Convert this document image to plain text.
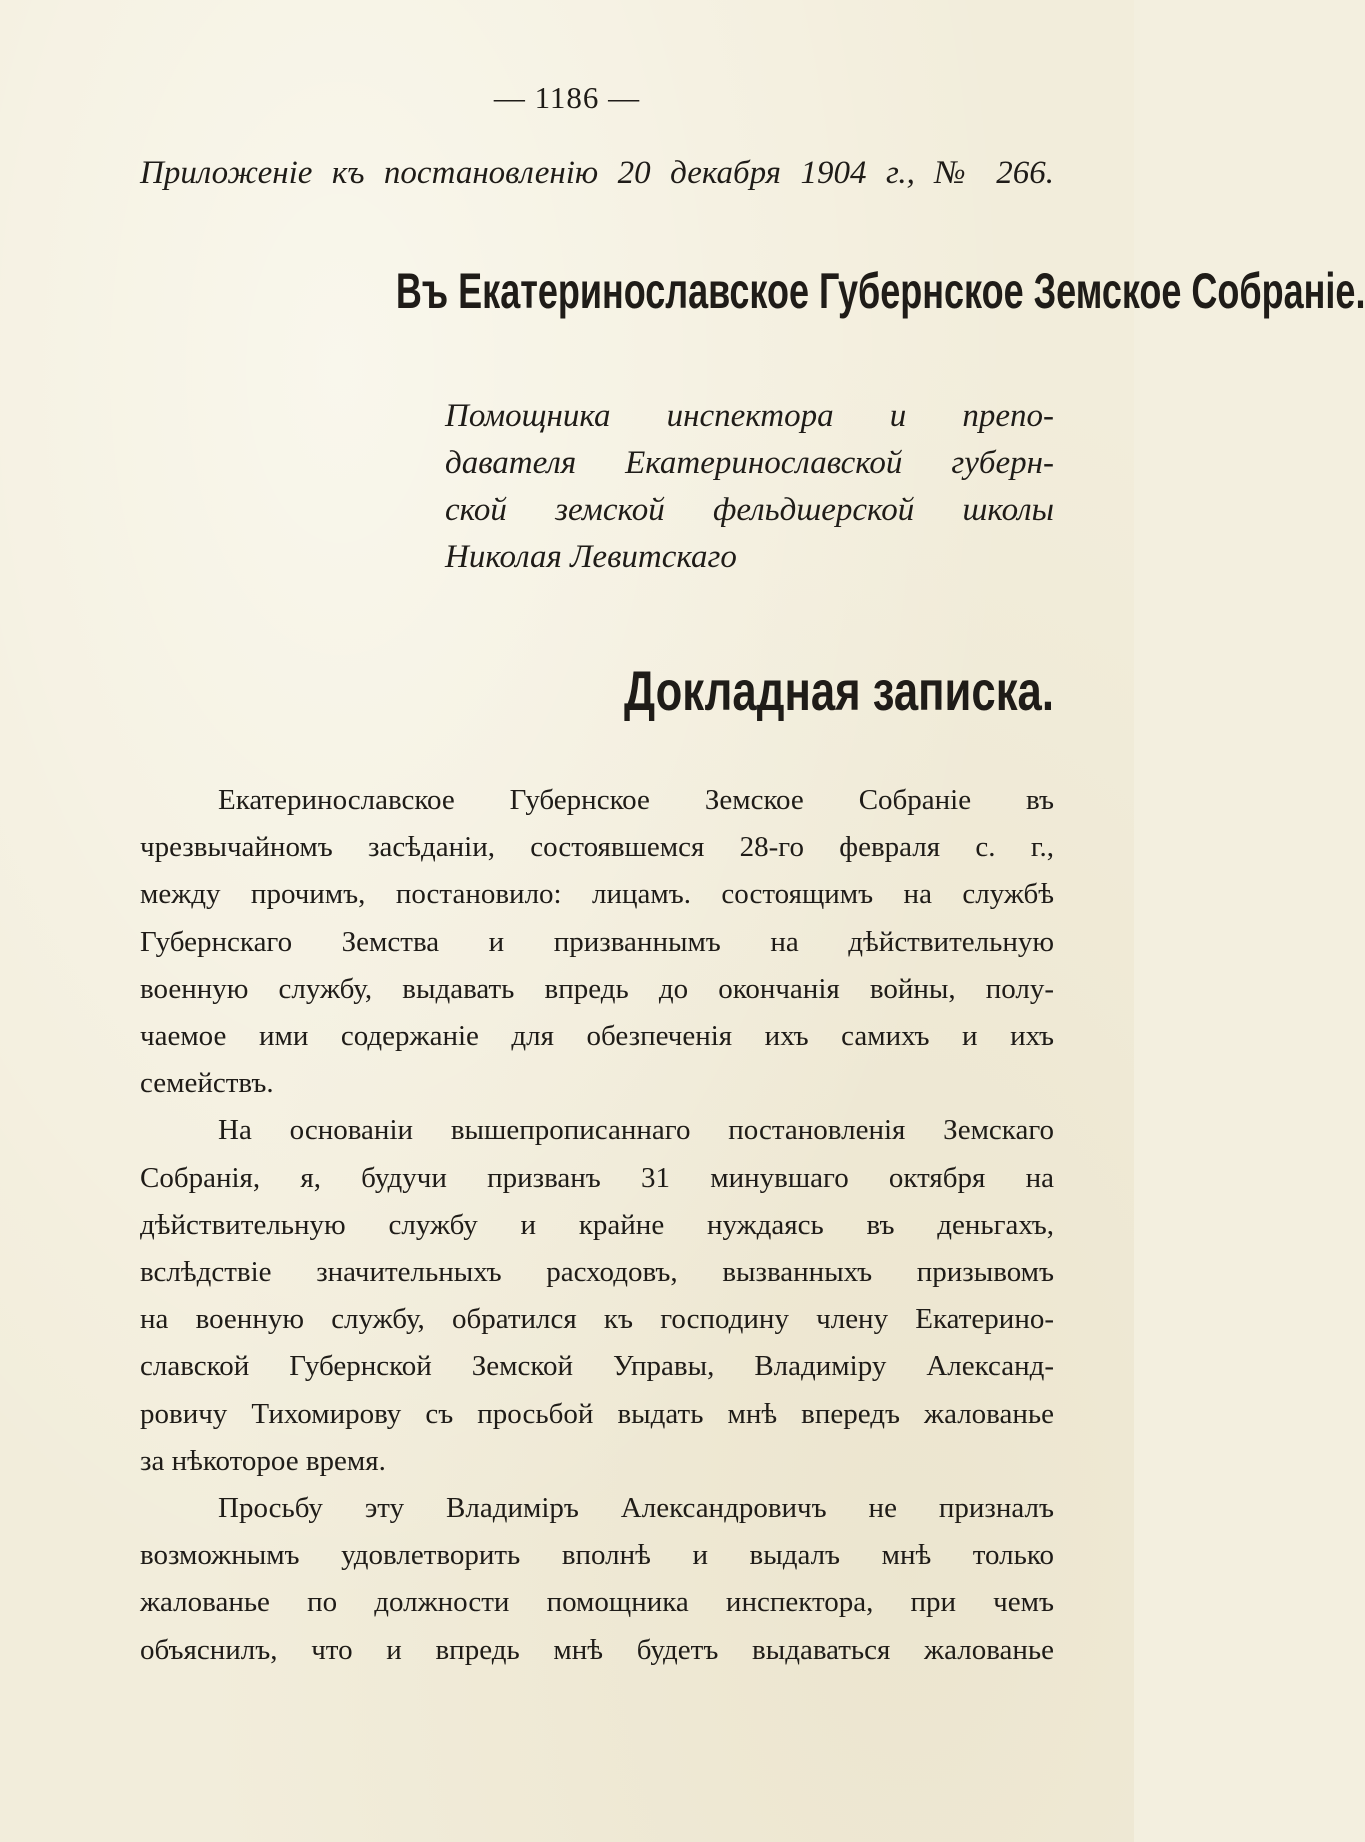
— 1186 —
Приложеніе къ постановленію 20 декабря 1904 г., № 266.
Въ Екатеринославское Губернское Земское Собраніе.
Помощника инспектора и препо-
давателя Екатеринославской губерн-
ской земской фельдшерской школы
Николая Левитскаго
Докладная записка.
Екатеринославское Губернское Земское Собраніе въ
чрезвычайномъ засѣданіи, состоявшемся 28-го февраля с. г.,
между прочимъ, постановило: лицамъ. состоящимъ на службѣ
Губернскаго Земства и призваннымъ на дѣйствительную
военную службу, выдавать впредь до окончанія войны, полу-
чаемое ими содержаніе для обезпеченія ихъ самихъ и ихъ
семействъ.
На основаніи вышепрописаннаго постановленія Земскаго
Собранія, я, будучи призванъ 31 минувшаго октября на
дѣйствительную службу и крайне нуждаясь въ деньгахъ,
вслѣдствіе значительныхъ расходовъ, вызванныхъ призывомъ
на военную службу, обратился къ господину члену Екатерино-
славской Губернской Земской Управы, Владиміру Александ-
ровичу Тихомирову съ просьбой выдать мнѣ впередъ жалованье
за нѣкоторое время.
Просьбу эту Владиміръ Александровичъ не призналъ
возможнымъ удовлетворить вполнѣ и выдалъ мнѣ только
жалованье по должности помощника инспектора, при чемъ
объяснилъ, что и впредь мнѣ будетъ выдаваться жалованье
